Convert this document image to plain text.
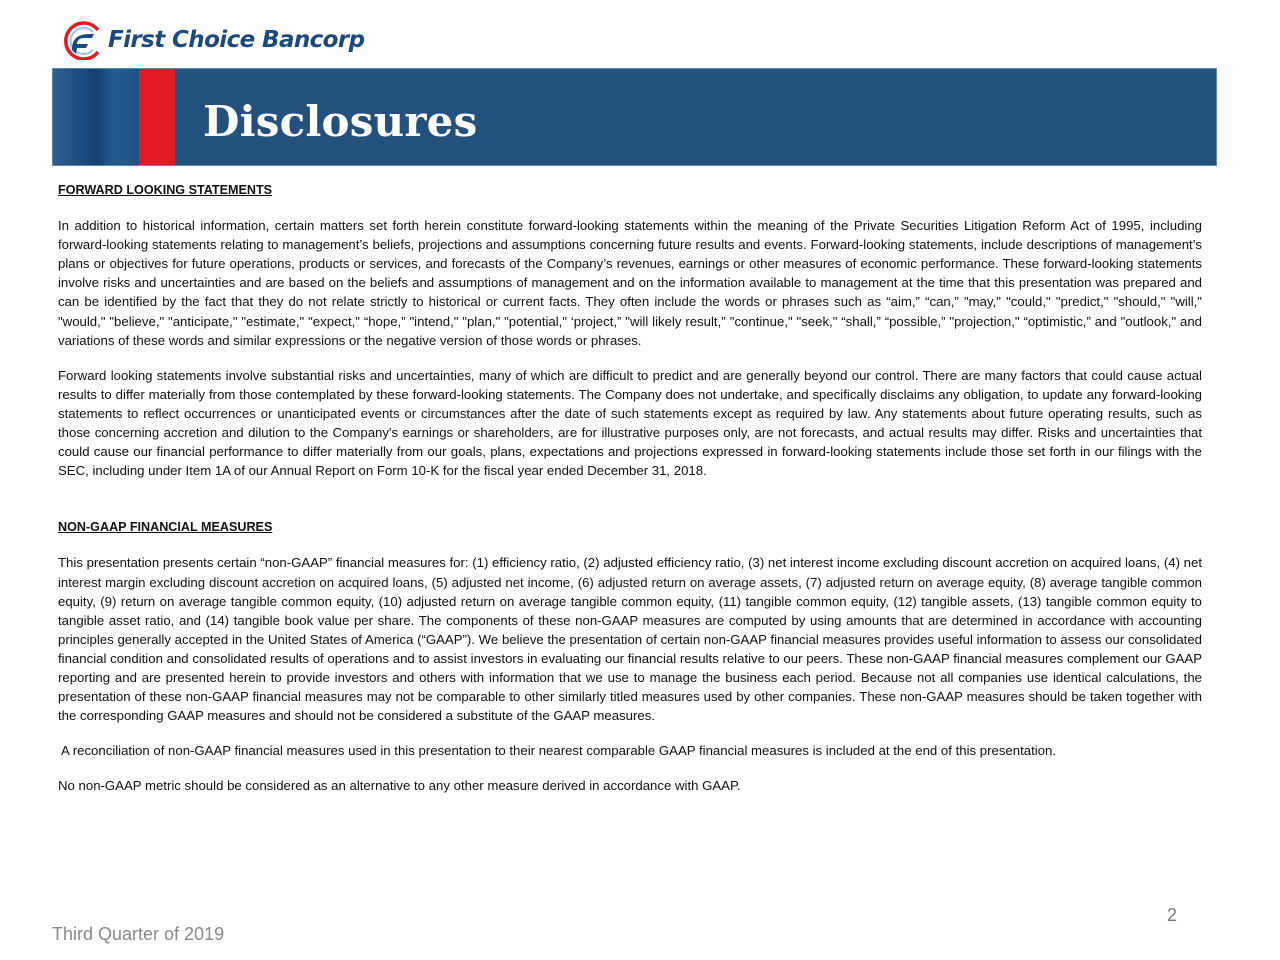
First Choice Bancorp
Disclosures

FORWARD LOOKING STATEMENTS

In addition to historical information, certain matters set forth herein constitute forward-looking statements within the meaning of the Private Securities Litigation Reform Act of 1995, including forward-looking statements relating to management’s beliefs, projections and assumptions concerning future results and events. Forward-looking statements, include descriptions of management’s plans or objectives for future operations, products or services, and forecasts of the Company’s revenues, earnings or other measures of economic performance. These forward-looking statements involve risks and uncertainties and are based on the beliefs and assumptions of management and on the information available to management at the time that this presentation was prepared and can be identified by the fact that they do not relate strictly to historical or current facts. They often include the words or phrases such as “aim,” “can,” "may," "could," "predict," "should," "will," "would," "believe," "anticipate," "estimate," "expect," “hope,” "intend," "plan," "potential," ‘project,” "will likely result," "continue," "seek," “shall,” “possible,” "projection," “optimistic,” and "outlook," and variations of these words and similar expressions or the negative version of those words or phrases.

Forward looking statements involve substantial risks and uncertainties, many of which are difficult to predict and are generally beyond our control. There are many factors that could cause actual results to differ materially from those contemplated by these forward-looking statements. The Company does not undertake, and specifically disclaims any obligation, to update any forward-looking statements to reflect occurrences or unanticipated events or circumstances after the date of such statements except as required by law. Any statements about future operating results, such as those concerning accretion and dilution to the Company's earnings or shareholders, are for illustrative purposes only, are not forecasts, and actual results may differ. Risks and uncertainties that could cause our financial performance to differ materially from our goals, plans, expectations and projections expressed in forward-looking statements include those set forth in our filings with the SEC, including under Item 1A of our Annual Report on Form 10-K for the fiscal year ended December 31, 2018.

NON-GAAP FINANCIAL MEASURES

This presentation presents certain “non-GAAP” financial measures for: (1) efficiency ratio, (2) adjusted efficiency ratio, (3) net interest income excluding discount accretion on acquired loans, (4) net interest margin excluding discount accretion on acquired loans, (5) adjusted net income, (6) adjusted return on average assets, (7) adjusted return on average equity, (8) average tangible common equity, (9) return on average tangible common equity, (10) adjusted return on average tangible common equity, (11) tangible common equity, (12) tangible assets, (13) tangible common equity to tangible asset ratio, and (14) tangible book value per share. The components of these non-GAAP measures are computed by using amounts that are determined in accordance with accounting principles generally accepted in the United States of America (“GAAP”). We believe the presentation of certain non-GAAP financial measures provides useful information to assess our consolidated financial condition and consolidated results of operations and to assist investors in evaluating our financial results relative to our peers. These non-GAAP financial measures complement our GAAP reporting and are presented herein to provide investors and others with information that we use to manage the business each period. Because not all companies use identical calculations, the presentation of these non-GAAP financial measures may not be comparable to other similarly titled measures used by other companies. These non-GAAP measures should be taken together with the corresponding GAAP measures and should not be considered a substitute of the GAAP measures.

A reconciliation of non-GAAP financial measures used in this presentation to their nearest comparable GAAP financial measures is included at the end of this presentation.

No non-GAAP metric should be considered as an alternative to any other measure derived in accordance with GAAP.

2
Third Quarter of 2019
